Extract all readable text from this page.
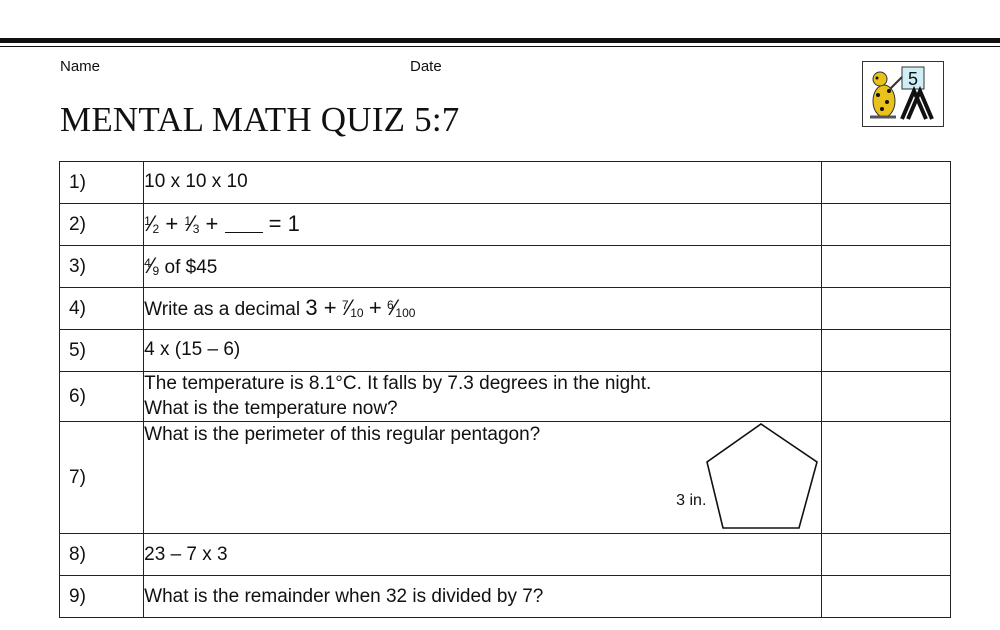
Name	Date
MENTAL MATH QUIZ 5:7
5
1)	10 x 10 x 10	

2)	$^1⁄_2$ + $^1⁄_3$ + = 1	

3)	$^4⁄_9$ of $45	

4)	Write as a decimal $3 + ^7⁄_{10}$ + $^6⁄_{100}$

5)	4 x (15 – 6)	

6)	The temperature is 8.1°C. It falls by 7.3 degrees in the night.
What is the temperature now?	

7)	What is the perimeter of this regular pentagon?
3 in.	

8)	23 – 7 x 3	

9)	What is the remainder when 32 is divided by 7?	
